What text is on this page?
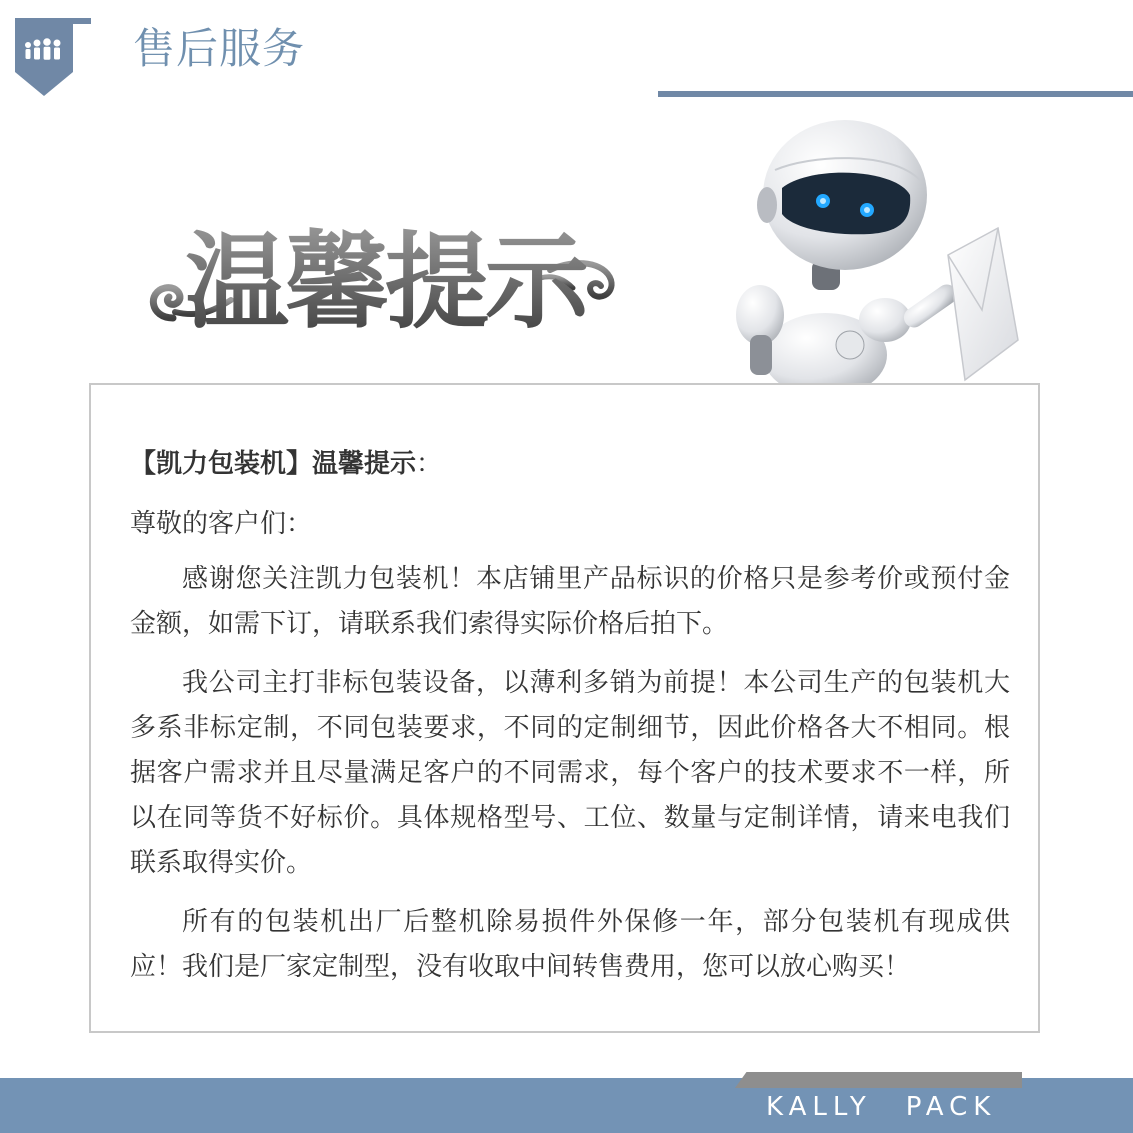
售后服务
温馨提示
【凯力包装机】温馨提示：
尊敬的客户们：

感谢您关注凯力包装机！本店铺里产品标识的价格只是参考价或预付金金额，如需下订，请联系我们索得实际价格后拍下。

我公司主打非标包装设备，以薄利多销为前提！本公司生产的包装机大多系非标定制，不同包装要求，不同的定制细节，因此价格各大不相同。根据客户需求并且尽量满足客户的不同需求，每个客户的技术要求不一样，所以在同等货不好标价。具体规格型号、工位、数量与定制详情，请来电我们联系取得实价。

所有的包装机出厂后整机除易损件外保修一年，部分包装机有现成供应！我们是厂家定制型，没有收取中间转售费用，您可以放心购买！

KALLY PACK
